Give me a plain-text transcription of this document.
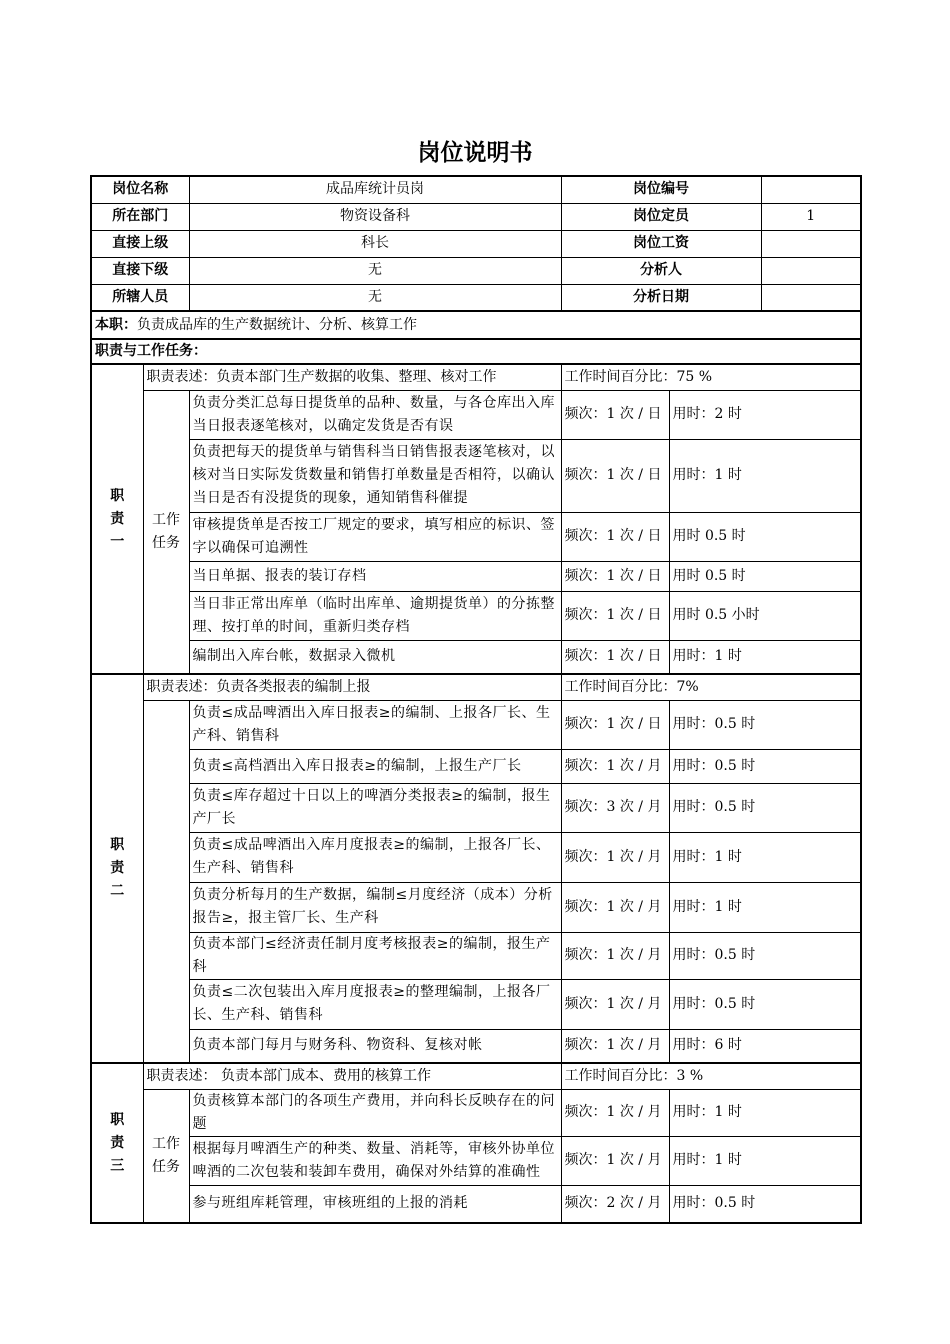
岗位说明书
岗位名称		成品库统计员岗	岗位编号		
所在部门		物资设备科	岗位定员		1
直接上级		科长	岗位工资		
直接下级		无	分析人		
所辖人员		无	分析日期		
本职：负责成品库的生产数据统计、分析、核算工作					
职责与工作任务：					
职责一	职责表述：负责本部门生产数据的收集、整理、核对工作		工作时间百分比：75 %		
	工作任务	负责分类汇总每日提货单的品种、数量，与各仓库出入库当日报表逐笔核对，以确定发货是否有误	频次：1 次 / 日	用时：2 时	
		负责把每天的提货单与销售科当日销售报表逐笔核对，以核对当日实际发货数量和销售打单数量是否相符，以确认当日是否有没提货的现象，通知销售科催提	频次：1 次 / 日	用时：1 时	
		审核提货单是否按工厂规定的要求，填写相应的标识、签字以确保可追溯性	频次：1 次 / 日	用时 0.5 时	
		当日单据、报表的装订存档	频次：1 次 / 日	用时 0.5 时	
		当日非正常出库单（临时出库单、逾期提货单）的分拣整理、按打单的时间，重新归类存档	频次：1 次 / 日	用时 0.5 小时	
		编制出入库台帐，数据录入微机	频次：1 次 / 日	用时：1 时	
职责二	职责表述：负责各类报表的编制上报		工作时间百分比：7%		
		负责≤成品啤酒出入库日报表≥的编制、上报各厂长、生产科、销售科	频次：1 次 / 日	用时：0.5 时	
		负责≤高档酒出入库日报表≥的编制，上报生产厂长	频次：1 次 / 月	用时：0.5 时	
		负责≤库存超过十日以上的啤酒分类报表≥的编制，报生产厂长	频次：3 次 / 月	用时：0.5 时	
		负责≤成品啤酒出入库月度报表≥的编制，上报各厂长、生产科、销售科	频次：1 次 / 月	用时：1 时	
		负责分析每月的生产数据，编制≤月度经济（成本）分析报告≥，报主管厂长、生产科	频次：1 次 / 月	用时：1 时	
		负责本部门≤经济责任制月度考核报表≥的编制，报生产科	频次：1 次 / 月	用时：0.5 时	
		负责≤二次包装出入库月度报表≥的整理编制，上报各厂长、生产科、销售科	频次：1 次 / 月	用时：0.5 时	
		负责本部门每月与财务科、物资科、复核对帐	频次：1 次 / 月	用时：6 时	
职责三	职责表述： 负责本部门成本、费用的核算工作		工作时间百分比：3 %		
	工作任务	负责核算本部门的各项生产费用，并向科长反映存在的问题	频次：1 次 / 月	用时：1 时	
		根据每月啤酒生产的种类、数量、消耗等，审核外协单位啤酒的二次包装和装卸车费用，确保对外结算的准确性	频次：1 次 / 月	用时：1 时	
		参与班组库耗管理，审核班组的上报的消耗	频次：2 次 / 月	用时：0.5 时	
